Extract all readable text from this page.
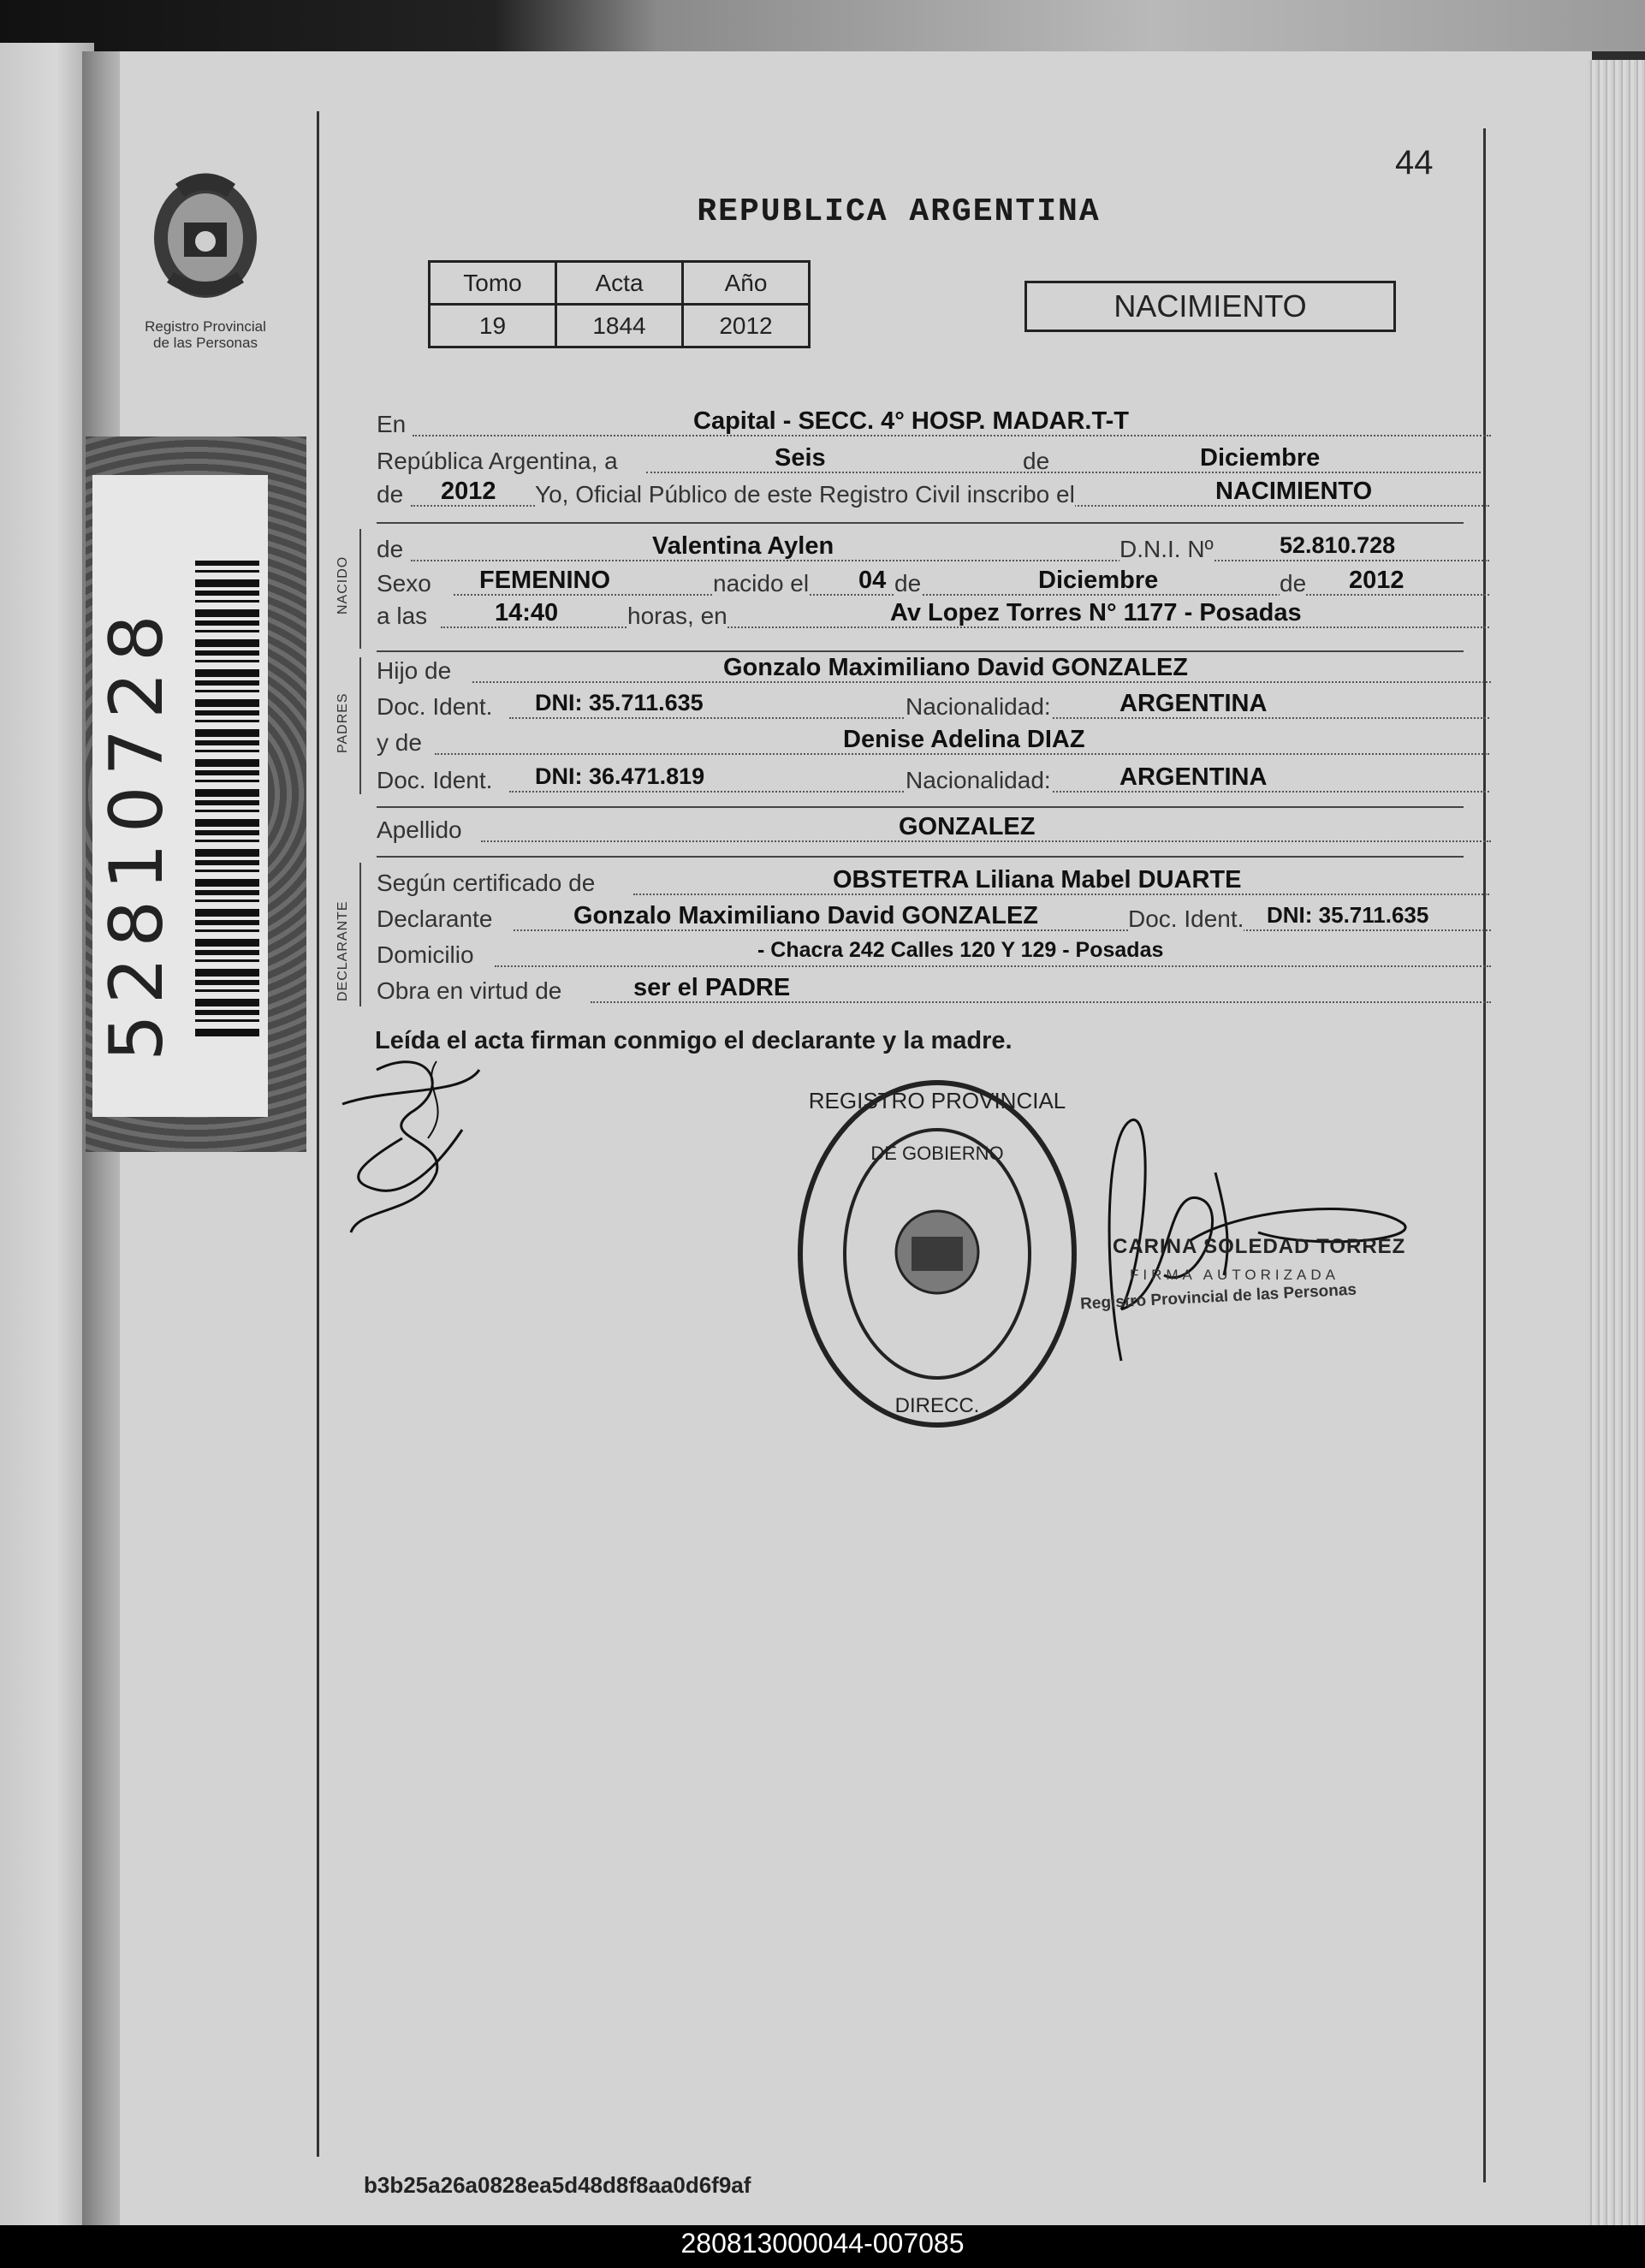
Registro Provincial
de las Personas
52810728
44
REPUBLICA ARGENTINA
Tomo	Acta	Año
19	1844	2012
NACIMIENTO
En	Capital - SECC. 4° HOSP. MADAR.T-T
República Argentina, a	Seis	de	Diciembre
de 2012 Yo, Oficial Público de este Registro Civil inscribo el	NACIMIENTO
NACIDO
de	Valentina Aylen	D.N.I. Nº	52.810.728
Sexo FEMENINO	nacido el 04 de	Diciembre	de 2012
a las	14:40	horas, en	Av Lopez Torres N° 1177 - Posadas
PADRES
Hijo de	Gonzalo Maximiliano David GONZALEZ
Doc. Ident. DNI: 35.711.635	Nacionalidad:	ARGENTINA
y de	Denise Adelina DIAZ
Doc. Ident. DNI: 36.471.819	Nacionalidad:	ARGENTINA
Apellido	GONZALEZ
DECLARANTE
Según certificado de	OBSTETRA Liliana Mabel DUARTE
Declarante	Gonzalo Maximiliano David GONZALEZ	Doc. Ident. DNI: 35.711.635
Domicilio	- Chacra 242 Calles 120 Y 129 - Posadas
Obra en virtud de	ser el PADRE
Leída el acta firman conmigo el declarante y la madre.
REGISTRO PROVINCIAL
DE GOBIERNO
DIRECC.
CARINA SOLEDAD TORREZ
FIRMA AUTORIZADA
Registro Provincial de las Personas
b3b25a26a0828ea5d48d8f8aa0d6f9af
280813000044-007085
